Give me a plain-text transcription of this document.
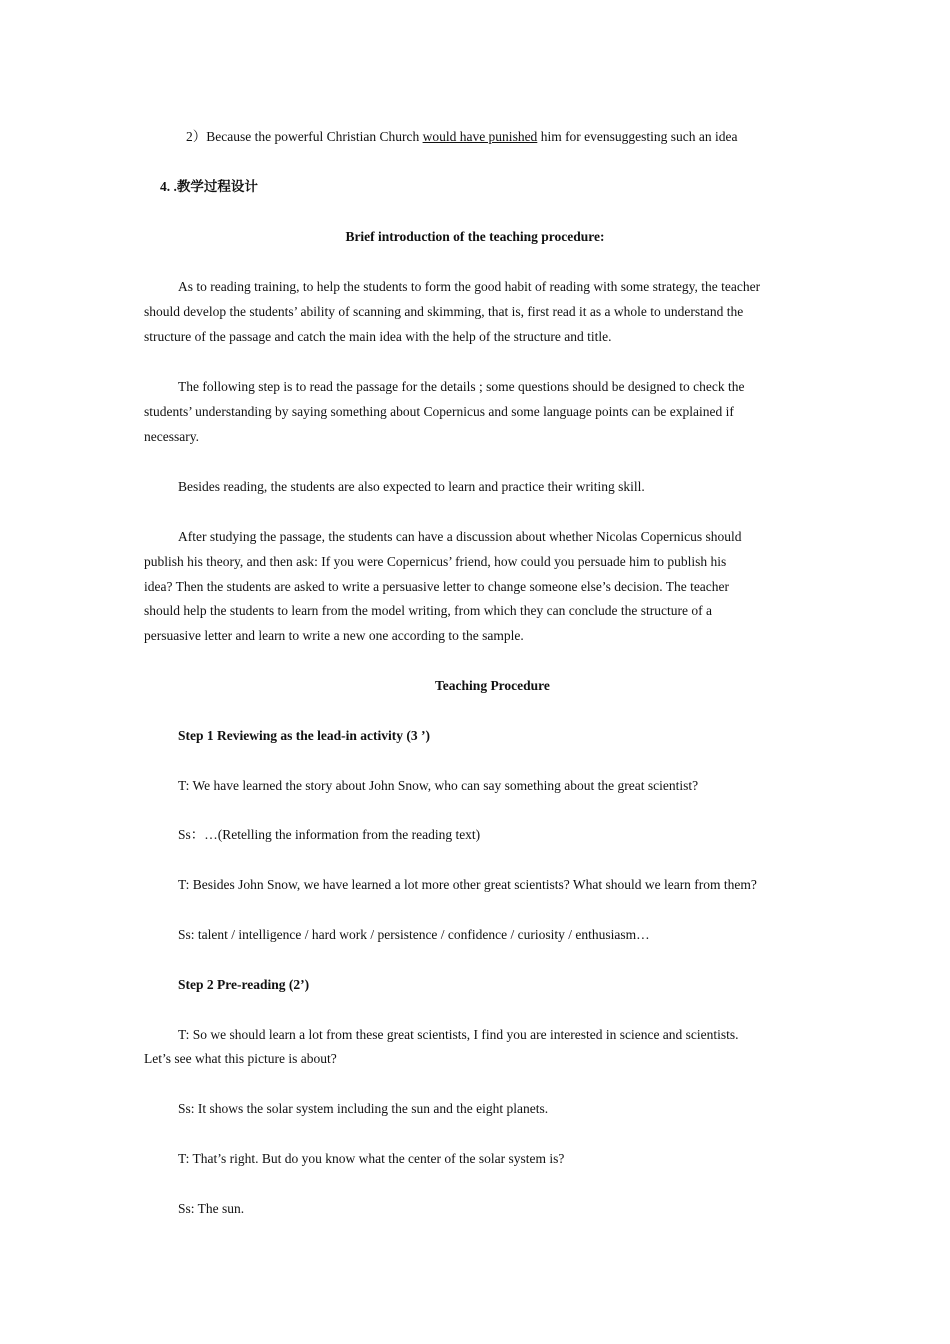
2）Because the powerful Christian Church would have punished him for evensuggesting such an idea
4. .教学过程设计
Brief introduction of the teaching procedure:
As to reading training, to help the students to form the good habit of reading with some strategy, the teacher
should develop the students’ ability of scanning and skimming, that is, first read it as a whole to understand the
structure of the passage and catch the main idea with the help of the structure and title.
The following step is to read the passage for the details ; some questions should be designed to check the
students’ understanding by saying something about Copernicus and some language points can be explained if
necessary.
Besides reading, the students are also expected to learn and practice their writing skill.
After studying the passage, the students can have a discussion about whether Nicolas Copernicus should
publish his theory, and then ask: If you were Copernicus’ friend, how could you persuade him to publish his
idea? Then the students are asked to write a persuasive letter to change someone else’s decision. The teacher
should help the students to learn from the model writing, from which they can conclude the structure of a
persuasive letter and learn to write a new one according to the sample.
Teaching Procedure
Step 1 Reviewing as the lead-in activity (3 ’)
T: We have learned the story about John Snow, who can say something about the great scientist?
Ss：…(Retelling the information from the reading text)
T: Besides John Snow, we have learned a lot more other great scientists? What should we learn from them?
Ss: talent / intelligence / hard work / persistence / confidence / curiosity / enthusiasm…
Step 2 Pre-reading (2’)
T: So we should learn a lot from these great scientists, I find you are interested in science and scientists.
Let’s see what this picture is about?
Ss: It shows the solar system including the sun and the eight planets.
T: That’s right. But do you know what the center of the solar system is?
Ss: The sun.
